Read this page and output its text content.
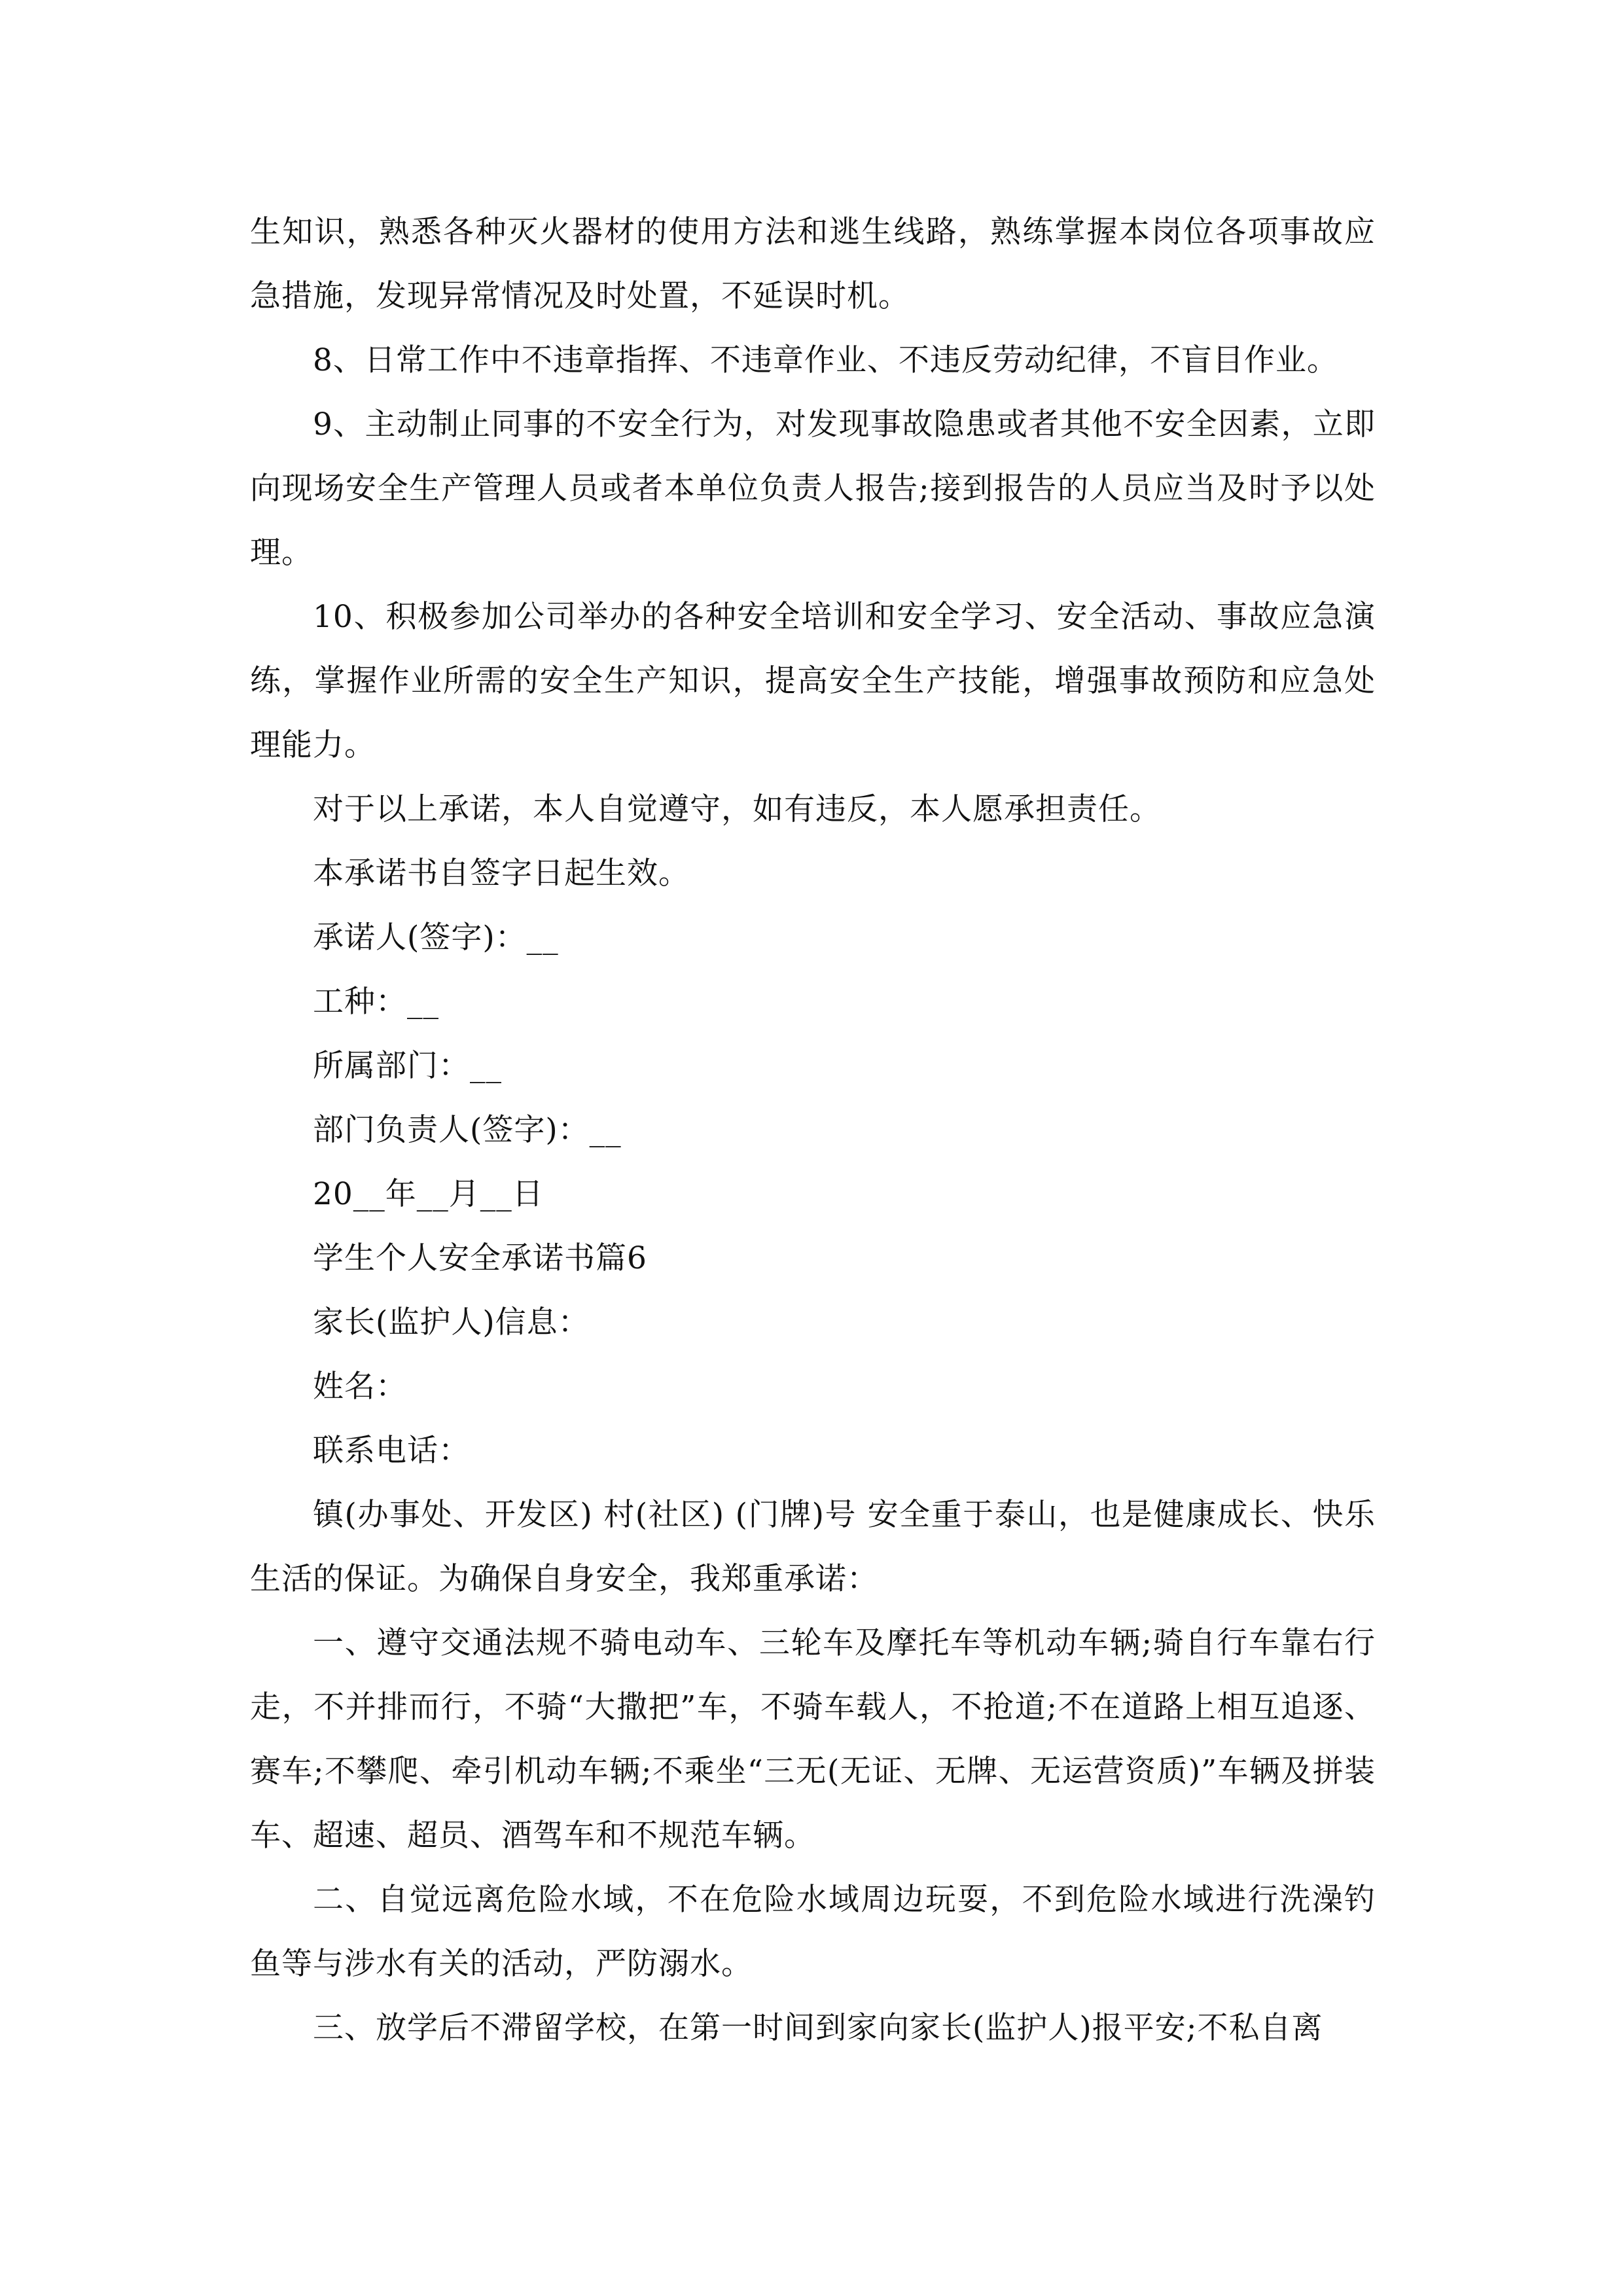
生知识，熟悉各种灭火器材的使用方法和逃生线路，熟练掌握本岗位各项事故应急措施，发现异常情况及时处置，不延误时机。

8、日常工作中不违章指挥、不违章作业、不违反劳动纪律，不盲目作业。

9、主动制止同事的不安全行为，对发现事故隐患或者其他不安全因素，立即向现场安全生产管理人员或者本单位负责人报告;接到报告的人员应当及时予以处理。

10、积极参加公司举办的各种安全培训和安全学习、安全活动、事故应急演练，掌握作业所需的安全生产知识，提高安全生产技能，增强事故预防和应急处理能力。

对于以上承诺，本人自觉遵守，如有违反，本人愿承担责任。

本承诺书自签字日起生效。

承诺人(签字)：__

工种：__

所属部门：__

部门负责人(签字)：__

20__年__月__日

学生个人安全承诺书篇6

家长(监护人)信息：

姓名：

联系电话：

镇(办事处、开发区) 村(社区) (门牌)号 安全重于泰山，也是健康成长、快乐生活的保证。为确保自身安全，我郑重承诺：

一、遵守交通法规不骑电动车、三轮车及摩托车等机动车辆;骑自行车靠右行走，不并排而行，不骑“大撒把”车，不骑车载人，不抢道;不在道路上相互追逐、赛车;不攀爬、牵引机动车辆;不乘坐“三无(无证、无牌、无运营资质)”车辆及拼装车、超速、超员、酒驾车和不规范车辆。

二、自觉远离危险水域，不在危险水域周边玩耍，不到危险水域进行洗澡钓鱼等与涉水有关的活动，严防溺水。

三、放学后不滞留学校，在第一时间到家向家长(监护人)报平安;不私自离
